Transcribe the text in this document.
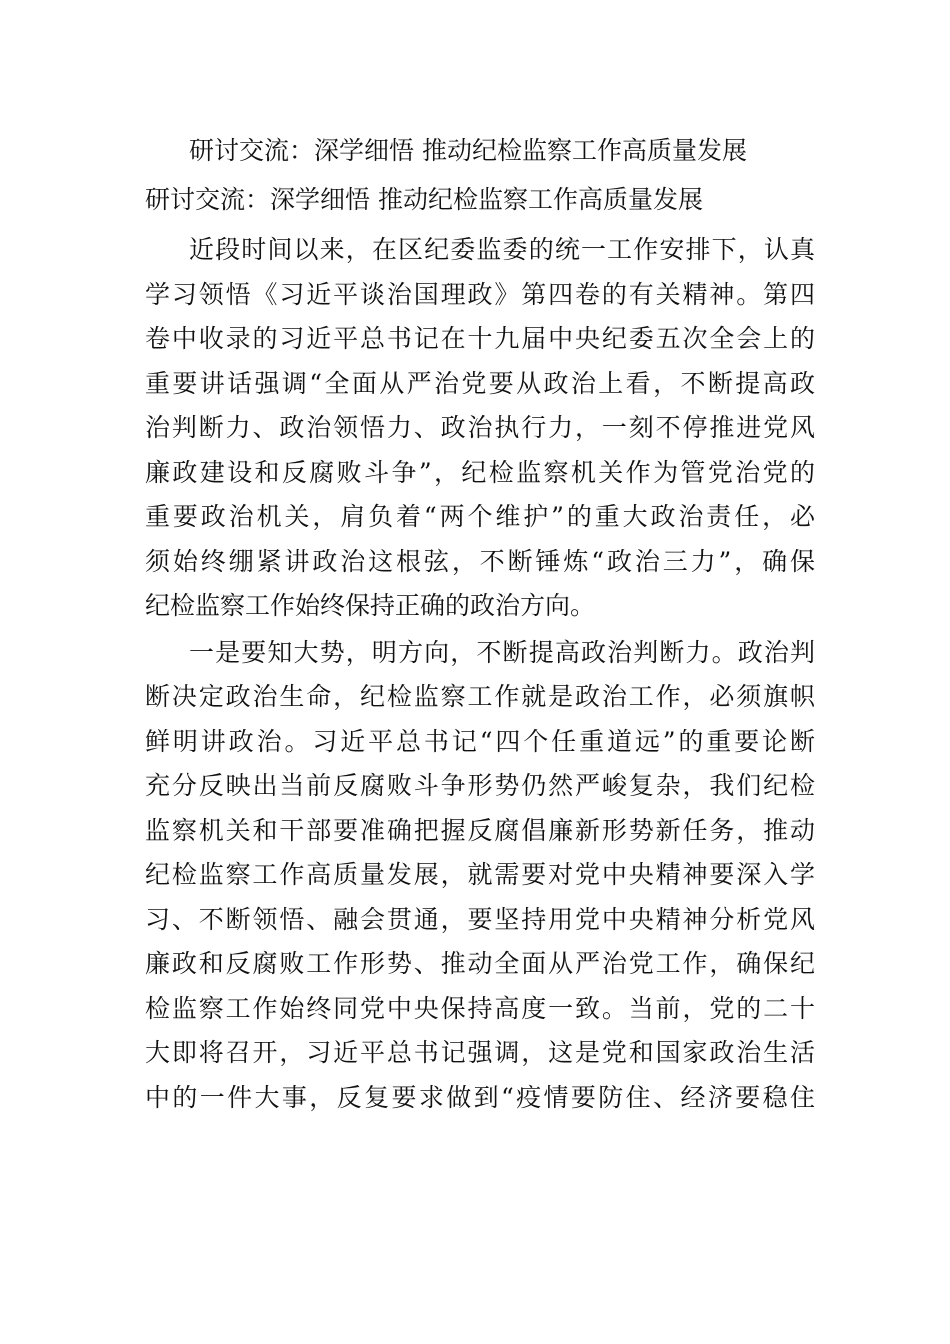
研讨交流：深学细悟 推动纪检监察工作高质量发展
研讨交流：深学细悟 推动纪检监察工作高质量发展

近段时间以来，在区纪委监委的统一工作安排下，认真
学习领悟《习近平谈治国理政》第四卷的有关精神。第四
卷中收录的习近平总书记在十九届中央纪委五次全会上的
重要讲话强调“全面从严治党要从政治上看，不断提高政
治判断力、政治领悟力、政治执行力，一刻不停推进党风
廉政建设和反腐败斗争”，纪检监察机关作为管党治党的
重要政治机关，肩负着“两个维护”的重大政治责任，必
须始终绷紧讲政治这根弦，不断锤炼“政治三力”，确保
纪检监察工作始终保持正确的政治方向。

一是要知大势，明方向，不断提高政治判断力。政治判
断决定政治生命，纪检监察工作就是政治工作，必须旗帜
鲜明讲政治。习近平总书记“四个任重道远”的重要论断
充分反映出当前反腐败斗争形势仍然严峻复杂，我们纪检
监察机关和干部要准确把握反腐倡廉新形势新任务，推动
纪检监察工作高质量发展，就需要对党中央精神要深入学
习、不断领悟、融会贯通，要坚持用党中央精神分析党风
廉政和反腐败工作形势、推动全面从严治党工作，确保纪
检监察工作始终同党中央保持高度一致。当前，党的二十
大即将召开，习近平总书记强调，这是党和国家政治生活
中的一件大事，反复要求做到“疫情要防住、经济要稳住
